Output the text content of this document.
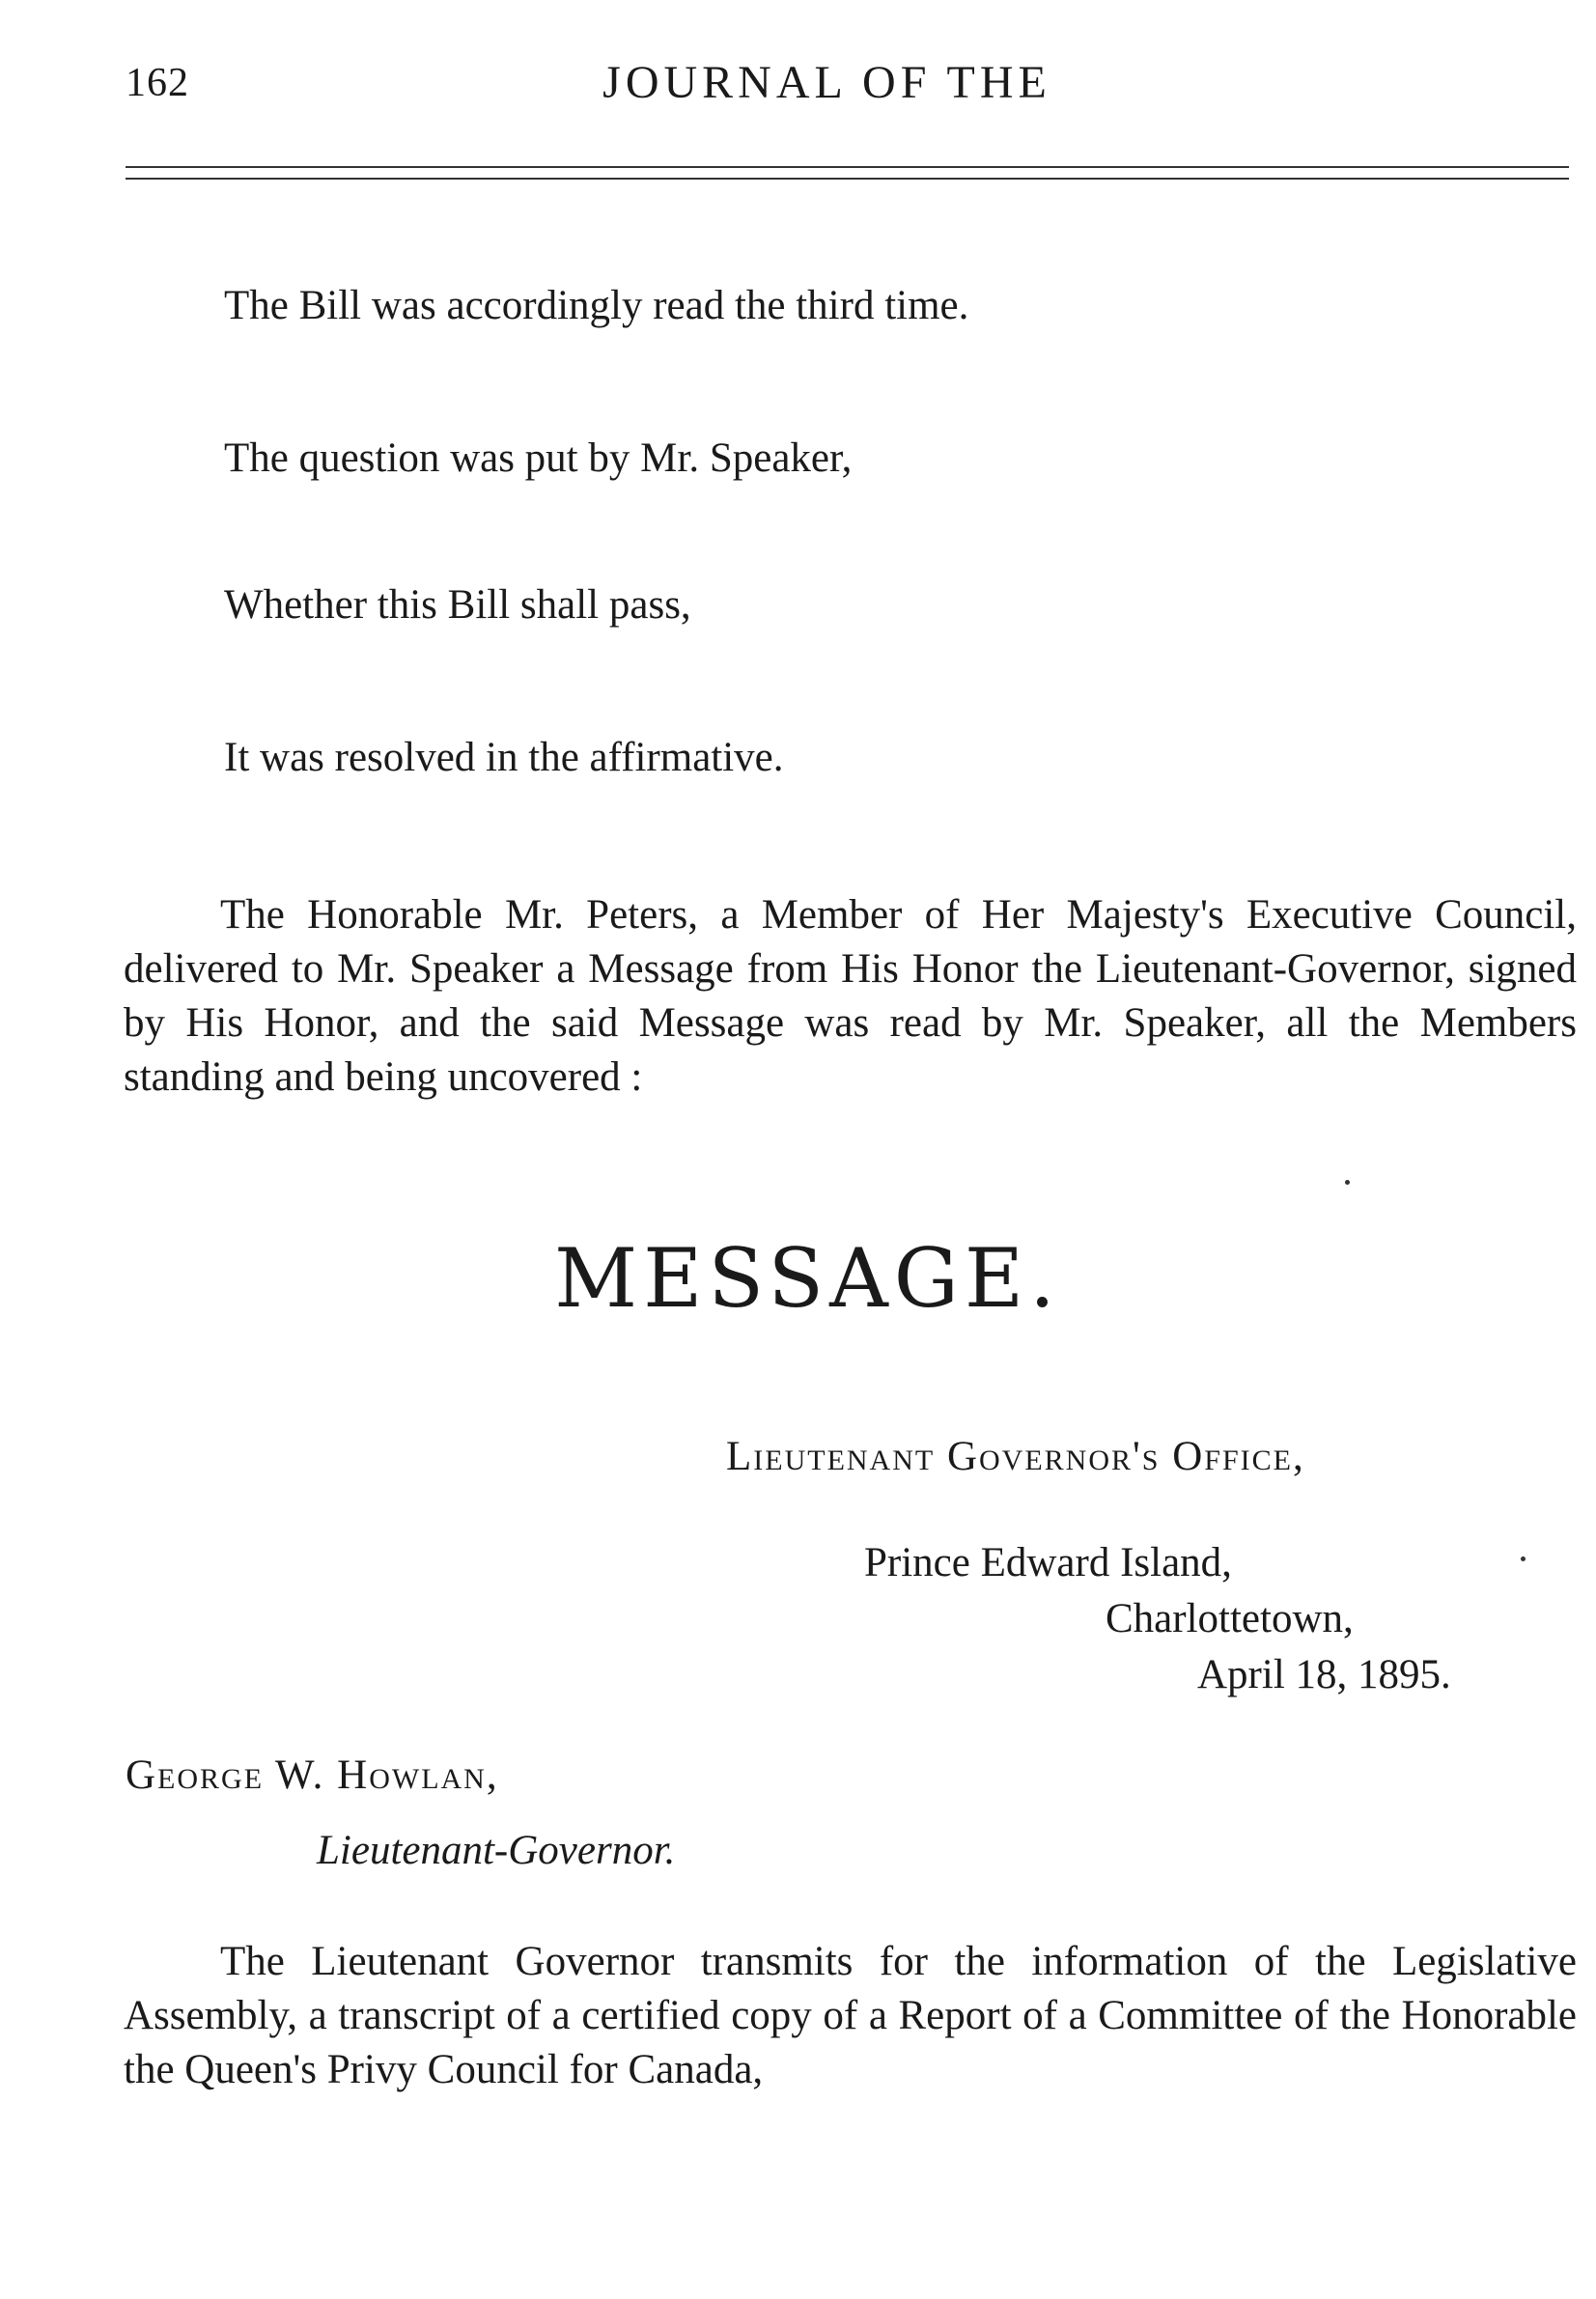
162	JOURNAL OF THE
The Bill was accordingly read the third time.
The question was put by Mr. Speaker,
Whether this Bill shall pass,
It was resolved in the affirmative.
The Honorable Mr. Peters, a Member of Her Majesty's Executive Council, delivered to Mr. Speaker a Message from His Honor the Lieutenant-Governor, signed by His Honor, and the said Message was read by Mr. Speaker, all the Members standing and being uncovered :
MESSAGE.
Lieutenant Governor's Office,
Prince Edward Island,
Charlottetown,
April 18, 1895.
George W. Howlan,
Lieutenant-Governor.
The Lieutenant Governor transmits for the information of the Legislative Assembly, a transcript of a certified copy of a Report of a Committee of the Honorable the Queen's Privy Council for Canada,
